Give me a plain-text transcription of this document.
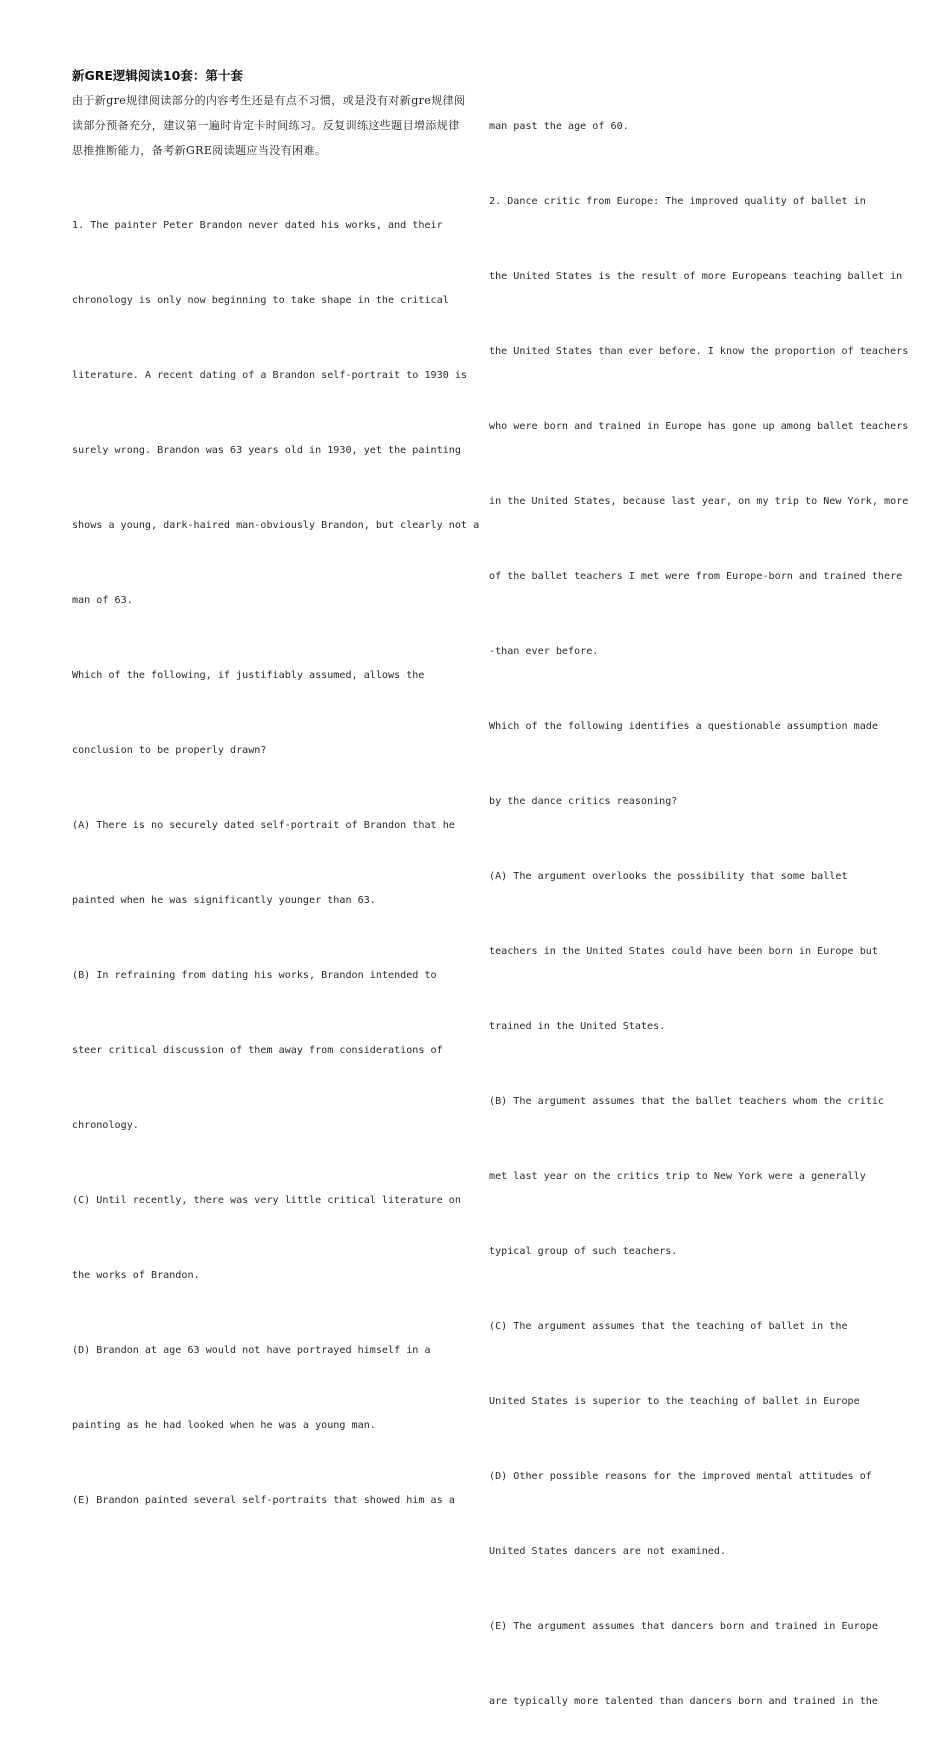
新GRE逻辑阅读10套：第十套
由于新gre规律阅读部分的内容考生还是有点不习惯，或是没有对新gre规律阅
读部分预备充分，建议第一遍时肯定卡时间练习。反复训练这些题目增添规律
思推推断能力，备考新GRE阅读题应当没有困难。

1. The painter Peter Brandon never dated his works, and their

chronology is only now beginning to take shape in the critical

literature. A recent dating of a Brandon self-portrait to 1930 is

surely wrong. Brandon was 63 years old in 1930, yet the painting

shows a young, dark-haired man-obviously Brandon, but clearly not a

man of 63.

Which of the following, if justifiably assumed, allows the

conclusion to be properly drawn?

(A) There is no securely dated self-portrait of Brandon that he

painted when he was significantly younger than 63.

(B) In refraining from dating his works, Brandon intended to

steer critical discussion of them away from considerations of

chronology.

(C) Until recently, there was very little critical literature on

the works of Brandon.

(D) Brandon at age 63 would not have portrayed himself in a

painting as he had looked when he was a young man.

(E) Brandon painted several self-portraits that showed him as a

man past the age of 60.

2. Dance critic from Europe: The improved quality of ballet in

the United States is the result of more Europeans teaching ballet in

the United States than ever before. I know the proportion of teachers

who were born and trained in Europe has gone up among ballet teachers

in the United States, because last year, on my trip to New York, more

of the ballet teachers I met were from Europe-born and trained there

-than ever before.

Which of the following identifies a questionable assumption made

by the dance critics reasoning?

(A) The argument overlooks the possibility that some ballet

teachers in the United States could have been born in Europe but

trained in the United States.

(B) The argument assumes that the ballet teachers whom the critic

met last year on the critics trip to New York were a generally

typical group of such teachers.

(C) The argument assumes that the teaching of ballet in the

United States is superior to the teaching of ballet in Europe

(D) Other possible reasons for the improved mental attitudes of

United States dancers are not examined.

(E) The argument assumes that dancers born and trained in Europe

are typically more talented than dancers born and trained in the
